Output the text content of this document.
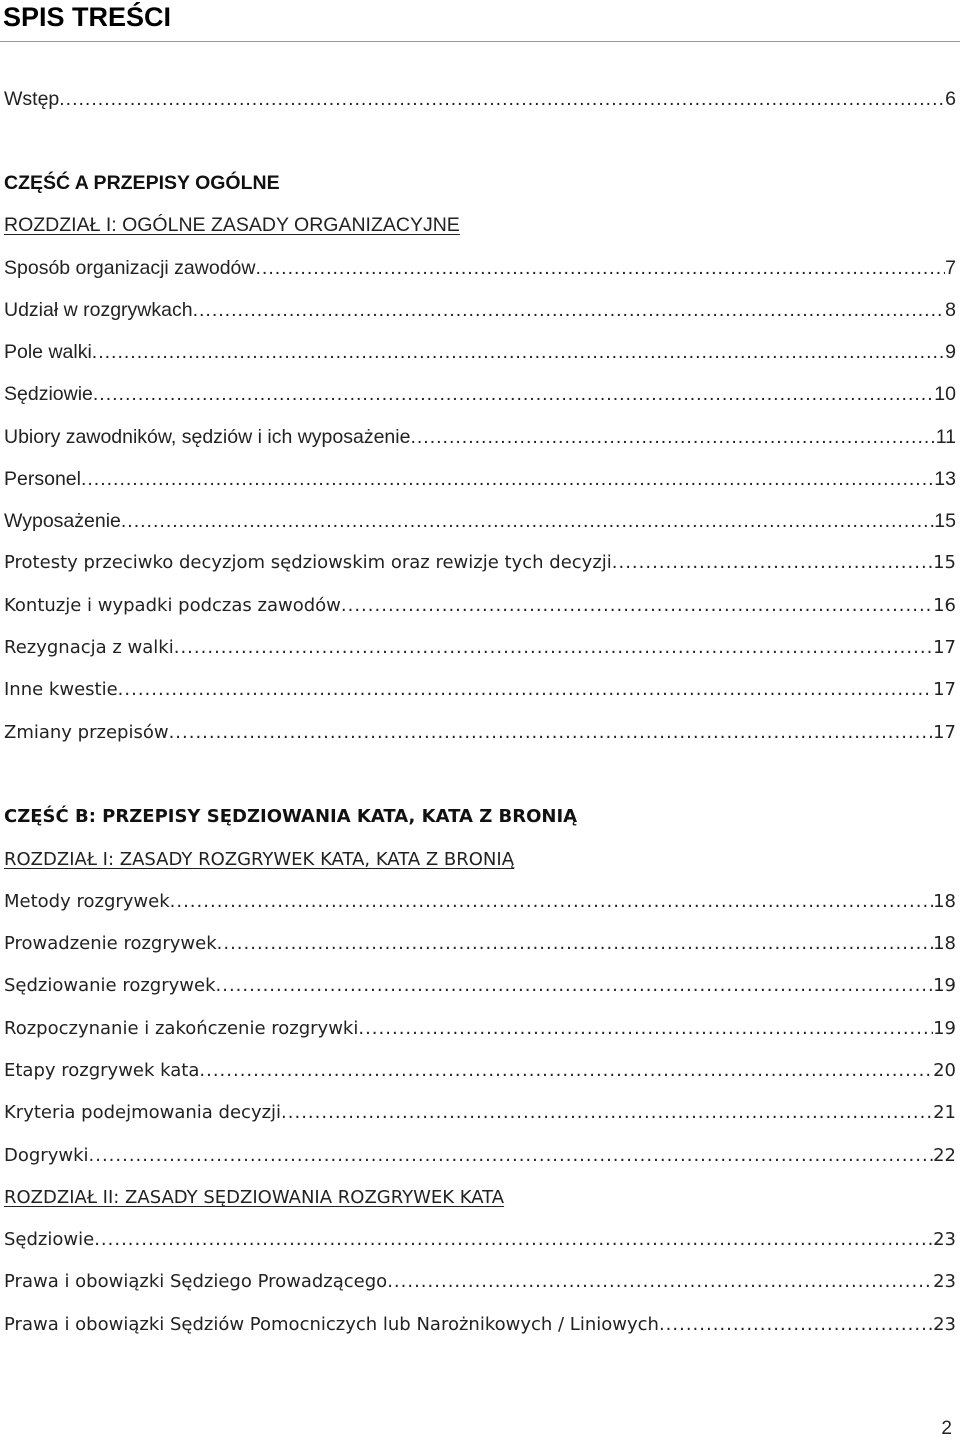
SPIS TREŚCI
Wstęp .....	6
CZĘŚĆ A PRZEPISY OGÓLNE
ROZDZIAŁ I: OGÓLNE ZASADY ORGANIZACYJNE
Sposób organizacji zawodów .....	7
Udział w rozgrywkach .....	8
Pole walki .....	9
Sędziowie .....	10
Ubiory zawodników, sędziów i ich wyposażenie .....	11
Personel .....	13
Wyposażenie .....	15
Protesty przeciwko decyzjom sędziowskim oraz rewizje tych decyzji .....	15
Kontuzje i wypadki podczas zawodów .....	16
Rezygnacja z walki .....	17
Inne kwestie .....	17
Zmiany przepisów .....	17
CZĘŚĆ B: PRZEPISY SĘDZIOWANIA KATA, KATA Z BRONIĄ
ROZDZIAŁ I: ZASADY ROZGRYWEK KATA, KATA Z BRONIĄ
Metody rozgrywek .....	18
Prowadzenie rozgrywek .....	18
Sędziowanie rozgrywek .....	19
Rozpoczynanie i zakończenie rozgrywki .....	19
Etapy rozgrywek kata .....	20
Kryteria podejmowania decyzji .....	21
Dogrywki .....	22
ROZDZIAŁ II: ZASADY SĘDZIOWANIA ROZGRYWEK KATA
Sędziowie .....	23
Prawa i obowiązki Sędziego Prowadzącego .....	23
Prawa i obowiązki Sędziów Pomocniczych lub Narożnikowych / Liniowych .....	23
2
